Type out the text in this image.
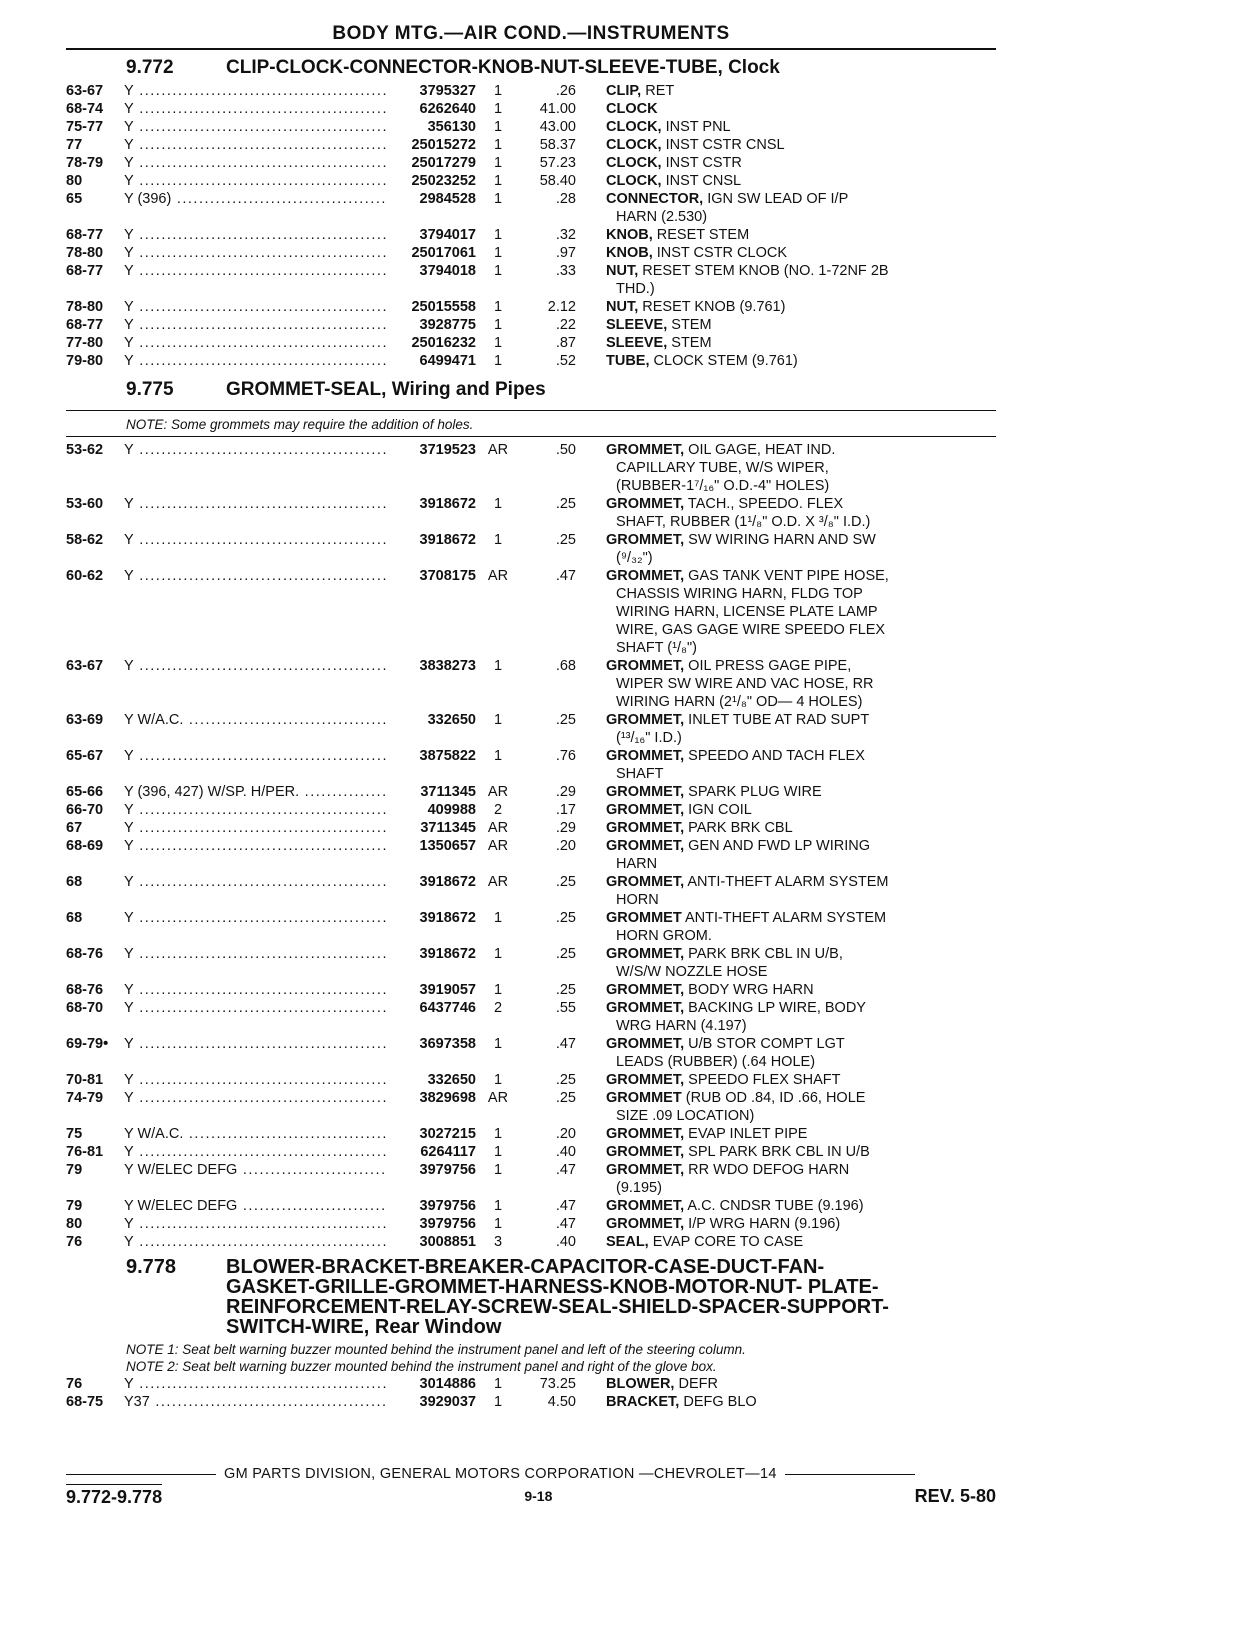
BODY MTG.—AIR COND.—INSTRUMENTS
9.772	CLIP-CLOCK-CONNECTOR-KNOB-NUT-SLEEVE-TUBE, Clock
63-67	Y .....	3795327	1	.26 CLIP, RET
68-74	Y .....	6262640	1	41.00 CLOCK
75-77	Y .....	356130	1	43.00 CLOCK, INST PNL
77	Y .....	25015272	1	58.37 CLOCK, INST CSTR CNSL
78-79	Y .....	25017279	1	57.23 CLOCK, INST CSTR
80	Y .....	25023252	1	58.40 CLOCK, INST CNSL
65	Y (396) .....	2984528	1	.28 CONNECTOR, IGN SW LEAD OF I/P
HARN (2.530)
68-77	Y .....	3794017	1	.32 KNOB, RESET STEM
78-80	Y .....	25017061	1	.97 KNOB, INST CSTR CLOCK
68-77	Y .....	3794018	1	.33 NUT, RESET STEM KNOB (NO. 1-72NF 2B
THD.)
78-80	Y .....	25015558	1	2.12 NUT, RESET KNOB (9.761)
68-77	Y .....	3928775	1	.22 SLEEVE, STEM
77-80	Y .....	25016232	1	.87 SLEEVE, STEM
79-80	Y .....	6499471	1	.52 TUBE, CLOCK STEM (9.761)
9.775	GROMMET-SEAL, Wiring and Pipes
NOTE: Some grommets may require the addition of holes.
53-62	Y .....	3719523 AR	.50 GROMMET, OIL GAGE, HEAT IND.
CAPILLARY TUBE, W/S WIPER,
(RUBBER-1⁷/₁₆" O.D.-4" HOLES)
53-60	Y .....	3918672	1	.25 GROMMET, TACH., SPEEDO. FLEX
SHAFT, RUBBER (1¹/₈" O.D. X ³/₈" I.D.)
58-62	Y .....	3918672	1	.25 GROMMET, SW WIRING HARN AND SW
(⁹/₃₂")
60-62	Y .....	3708175 AR	.47 GROMMET, GAS TANK VENT PIPE HOSE,
CHASSIS WIRING HARN, FLDG TOP
WIRING HARN, LICENSE PLATE LAMP
WIRE, GAS GAGE WIRE SPEEDO FLEX
SHAFT (¹/₈")
63-67	Y .....	3838273	1	.68 GROMMET, OIL PRESS GAGE PIPE,
WIPER SW WIRE AND VAC HOSE, RR
WIRING HARN (2¹/₈" OD— 4 HOLES)
63-69	Y W/A.C. .....	332650	1	.25 GROMMET, INLET TUBE AT RAD SUPT
(¹³/₁₆" I.D.)
65-67	Y .....	3875822	1	.76 GROMMET, SPEEDO AND TACH FLEX
SHAFT
65-66	Y (396, 427) W/SP. H/PER. .....	3711345 AR	.29 GROMMET, SPARK PLUG WIRE
66-70	Y .....	409988	2	.17 GROMMET, IGN COIL
67	Y .....	3711345 AR	.29 GROMMET, PARK BRK CBL
68-69	Y .....	1350657 AR	.20 GROMMET, GEN AND FWD LP WIRING
HARN
68	Y .....	3918672 AR	.25 GROMMET, ANTI-THEFT ALARM SYSTEM
HORN
68	Y .....	3918672	1	.25 GROMMET ANTI-THEFT ALARM SYSTEM
HORN GROM.
68-76	Y .....	3918672	1	.25 GROMMET, PARK BRK CBL IN U/B,
W/S/W NOZZLE HOSE
68-76	Y .....	3919057	1	.25 GROMMET, BODY WRG HARN
68-70	Y .....	6437746	2	.55 GROMMET, BACKING LP WIRE, BODY
WRG HARN (4.197)
69-79•	Y .....	3697358	1	.47 GROMMET, U/B STOR COMPT LGT
LEADS (RUBBER) (.64 HOLE)
70-81	Y .....	332650	1	.25 GROMMET, SPEEDO FLEX SHAFT
74-79	Y .....	3829698 AR	.25 GROMMET (RUB OD .84, ID .66, HOLE
SIZE .09 LOCATION)
75	Y W/A.C. .....	3027215	1	.20 GROMMET, EVAP INLET PIPE
76-81	Y .....	6264117	1	.40 GROMMET, SPL PARK BRK CBL IN U/B
79	Y W/ELEC DEFG .....	3979756	1	.47 GROMMET, RR WDO DEFOG HARN
(9.195)
79	Y W/ELEC DEFG .....	3979756	1	.47 GROMMET, A.C. CNDSR TUBE (9.196)
80	Y .....	3979756	1	.47 GROMMET, I/P WRG HARN (9.196)
76	Y .....	3008851	3	.40 SEAL, EVAP CORE TO CASE
9.778	BLOWER-BRACKET-BREAKER-CAPACITOR-CASE-DUCT-FAN-
GASKET-GRILLE-GROMMET-HARNESS-KNOB-MOTOR-NUT- PLATE-
REINFORCEMENT-RELAY-SCREW-SEAL-SHIELD-SPACER-SUPPORT-
SWITCH-WIRE, Rear Window
NOTE 1: Seat belt warning buzzer mounted behind the instrument panel and left of the steering column.
NOTE 2: Seat belt warning buzzer mounted behind the instrument panel and right of the glove box.
76	Y .....	3014886	1	73.25 BLOWER, DEFR
68-75	Y37 .....	3929037	1	4.50 BRACKET, DEFG BLO
GM PARTS DIVISION, GENERAL MOTORS CORPORATION —CHEVROLET—14
9.772-9.778	9-18	REV. 5-80
